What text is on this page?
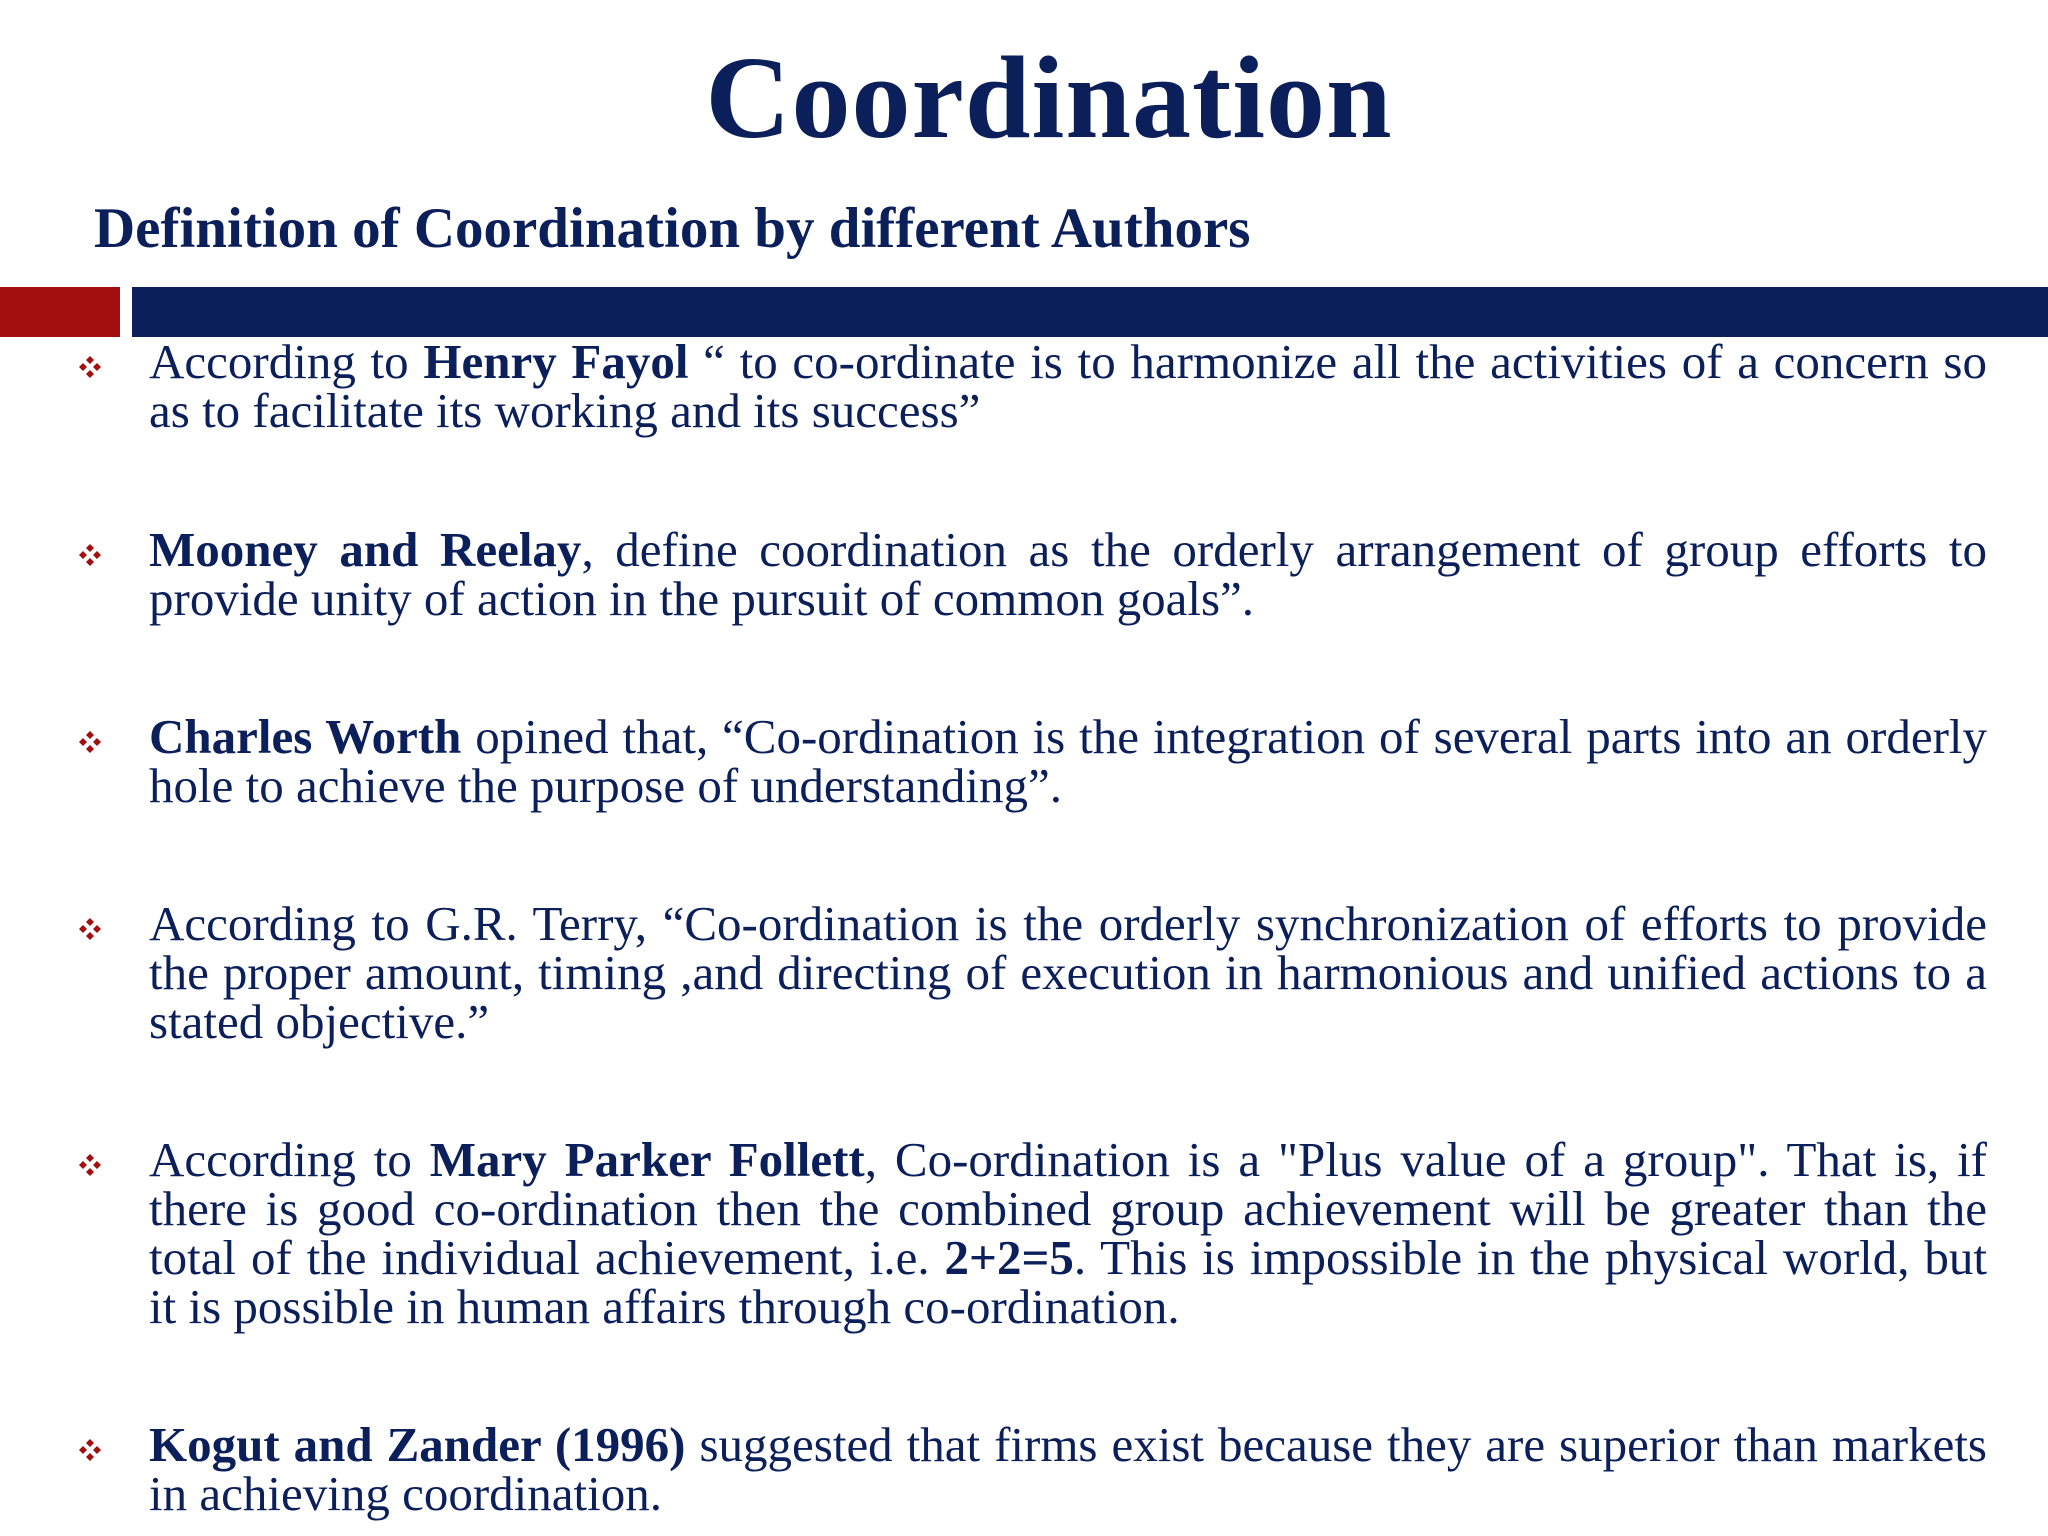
Coordination
Definition of Coordination by different Authors
According to Henry Fayol “ to co-ordinate is to harmonize all the activities of a concern so as to facilitate its working and its success”
Mooney and Reelay, define coordination as the orderly arrangement of group efforts to provide unity of action in the pursuit of common goals”.
Charles Worth opined that, “Co-ordination is the integration of several parts into an orderly hole to achieve the purpose of understanding”.
According to G.R. Terry, “Co-ordination is the orderly synchronization of efforts to provide the proper amount, timing ,and directing of execution in harmonious and unified actions to a stated objective.”
According to Mary Parker Follett, Co-ordination is a "Plus value of a group". That is, if there is good co-ordination then the combined group achievement will be greater than the total of the individual achievement, i.e. 2+2=5. This is impossible in the physical world, but it is possible in human affairs through co-ordination.
Kogut and Zander (1996) suggested that firms exist because they are superior than markets in achieving coordination.
